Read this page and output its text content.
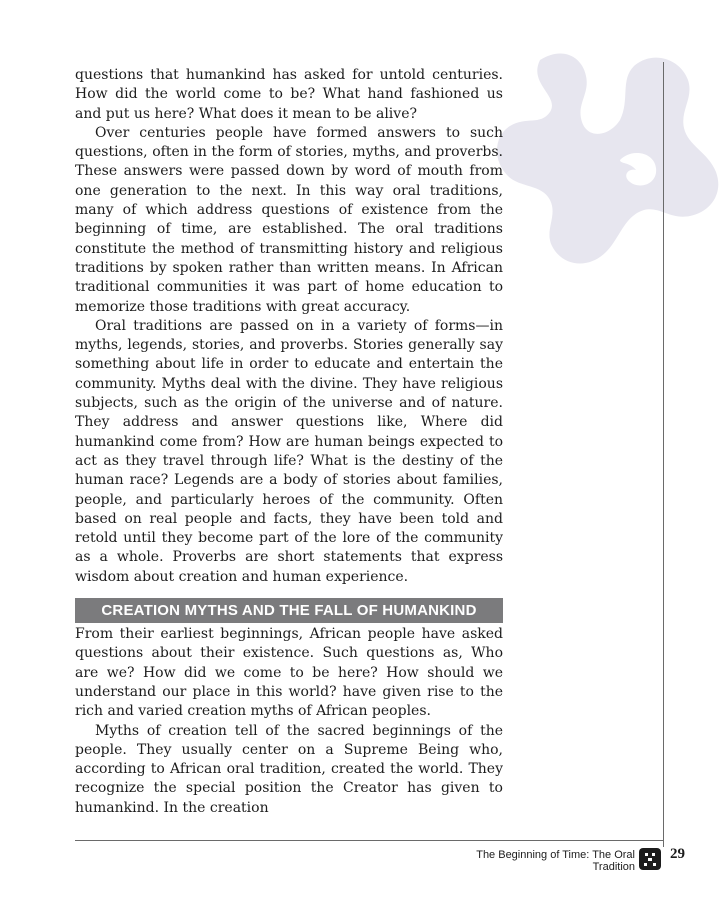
questions that humankind has asked for untold centuries. How did the world come to be? What hand fashioned us and put us here? What does it mean to be alive?

Over centuries people have formed answers to such questions, often in the form of stories, myths, and proverbs. These answers were passed down by word of mouth from one generation to the next. In this way oral traditions, many of which address questions of existence from the beginning of time, are established. The oral traditions constitute the method of transmitting history and religious traditions by spoken rather than written means. In African traditional communities it was part of home education to memorize those traditions with great accuracy.

Oral traditions are passed on in a variety of forms—in myths, legends, stories, and proverbs. Stories generally say something about life in order to educate and entertain the community. Myths deal with the divine. They have religious subjects, such as the origin of the universe and of nature. They address and answer questions like, Where did humankind come from? How are human beings expected to act as they travel through life? What is the destiny of the human race? Legends are a body of stories about families, people, and particularly heroes of the community. Often based on real people and facts, they have been told and retold until they become part of the lore of the community as a whole. Proverbs are short statements that express wisdom about creation and human experience.

CREATION MYTHS AND THE FALL OF HUMANKIND

From their earliest beginnings, African people have asked questions about their existence. Such questions as, Who are we? How did we come to be here? How should we understand our place in this world? have given rise to the rich and varied creation myths of African peoples.

Myths of creation tell of the sacred beginnings of the people. They usually center on a Supreme Being who, according to African oral tradition, created the world. They recognize the special position the Creator has given to humankind. In the creation

The Beginning of Time: The Oral Tradition
29
